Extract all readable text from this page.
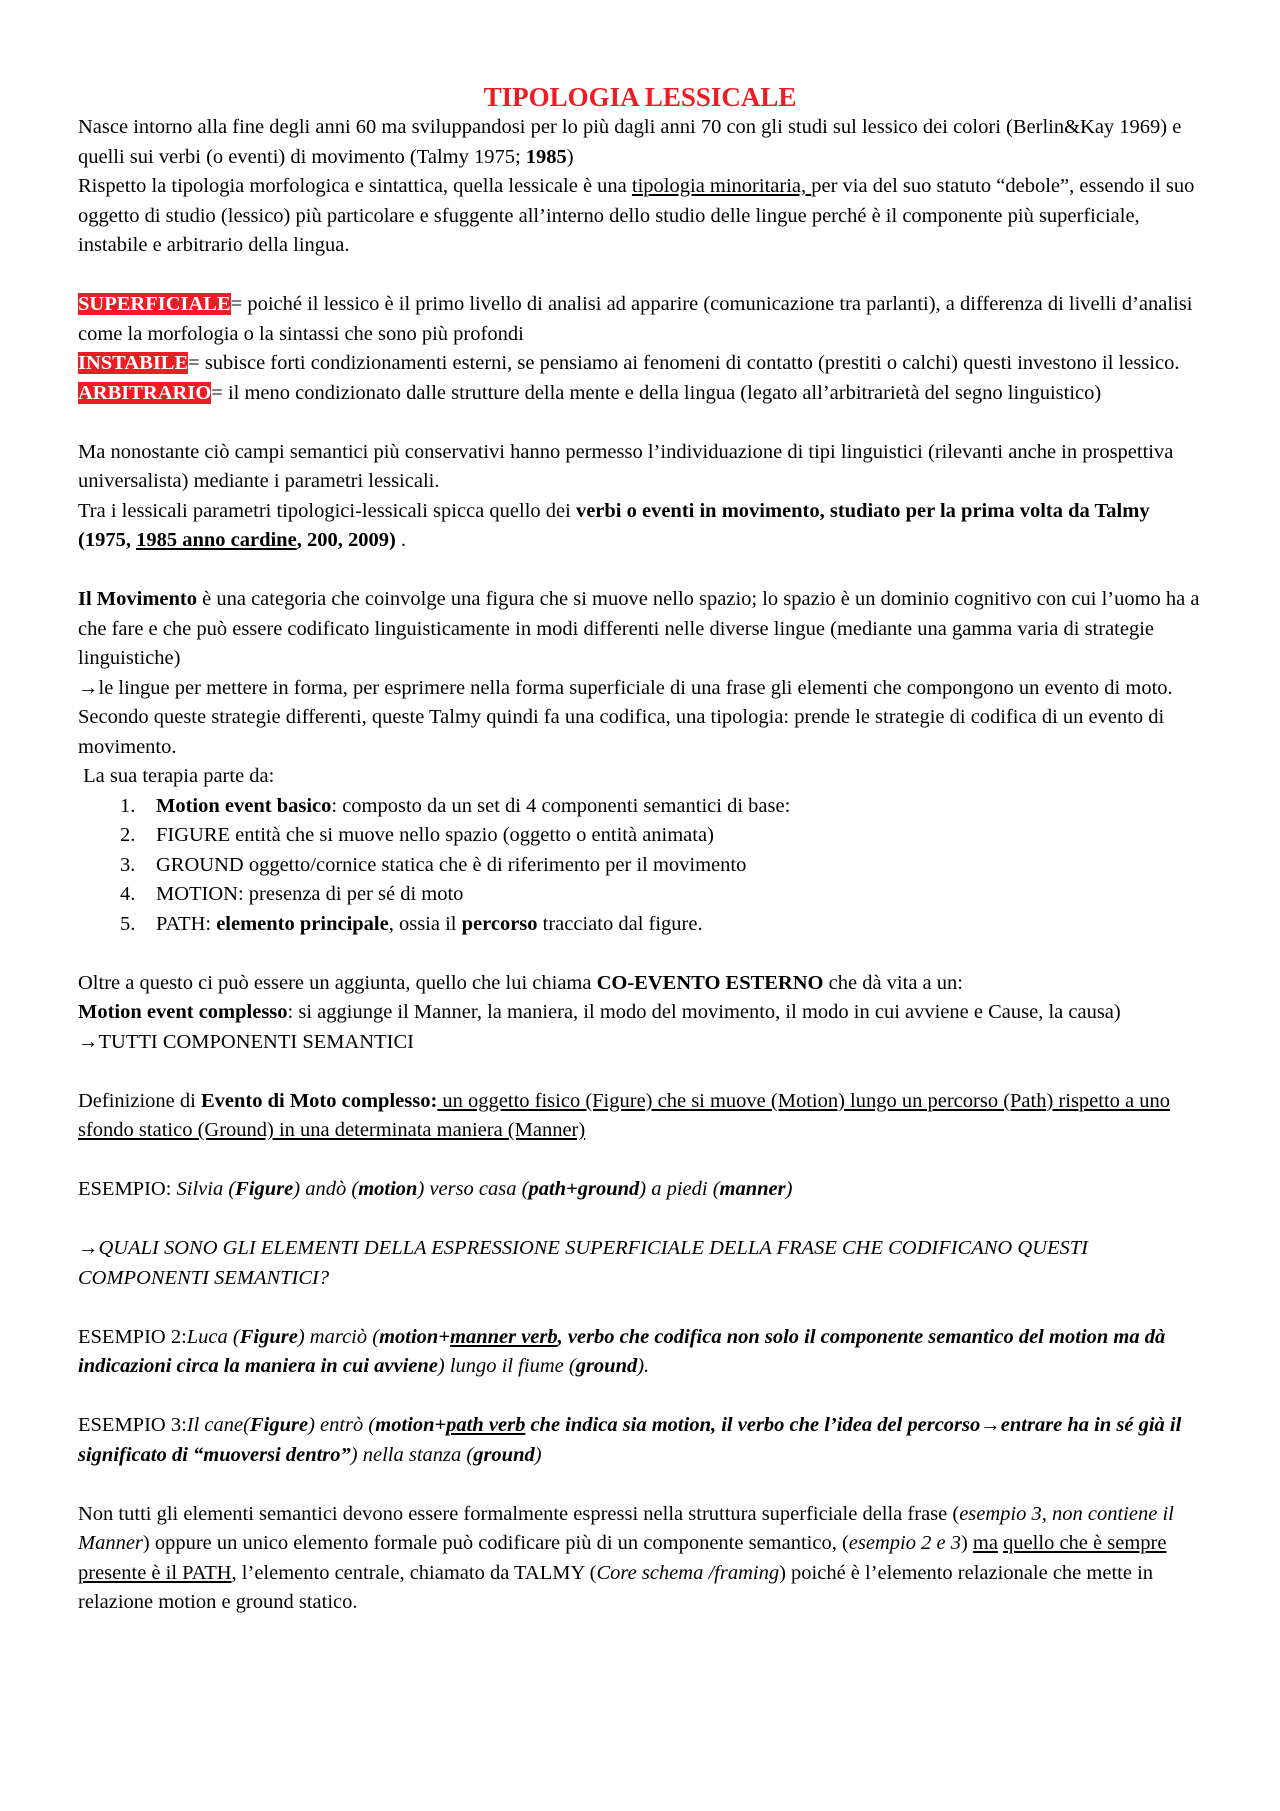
TIPOLOGIA LESSICALE

Nasce intorno alla fine degli anni 60 ma sviluppandosi per lo più dagli anni 70 con gli studi sul lessico dei colori (Berlin&Kay 1969) e quelli sui verbi (o eventi) di movimento (Talmy 1975; 1985)

Rispetto la tipologia morfologica e sintattica, quella lessicale è una tipologia minoritaria, per via del suo statuto “debole”, essendo il suo oggetto di studio (lessico) più particolare e sfuggente all’interno dello studio delle lingue perché è il componente più superficiale, instabile e arbitrario della lingua.

SUPERFICIALE= poiché il lessico è il primo livello di analisi ad apparire (comunicazione tra parlanti), a differenza di livelli d’analisi come la morfologia o la sintassi che sono più profondi

INSTABILE= subisce forti condizionamenti esterni, se pensiamo ai fenomeni di contatto (prestiti o calchi) questi investono il lessico.

ARBITRARIO= il meno condizionato dalle strutture della mente e della lingua (legato all’arbitrarietà del segno linguistico)

Ma nonostante ciò campi semantici più conservativi hanno permesso l’individuazione di tipi linguistici (rilevanti anche in prospettiva universalista) mediante i parametri lessicali.

Tra i lessicali parametri tipologici-lessicali spicca quello dei verbi o eventi in movimento, studiato per la prima volta da Talmy (1975, 1985 anno cardine, 200, 2009) .

Il Movimento è una categoria che coinvolge una figura che si muove nello spazio; lo spazio è un dominio cognitivo con cui l’uomo ha a che fare e che può essere codificato linguisticamente in modi differenti nelle diverse lingue (mediante una gamma varia di strategie linguistiche)

→le lingue per mettere in forma, per esprimere nella forma superficiale di una frase gli elementi che compongono un evento di moto.

Secondo queste strategie differenti, queste Talmy quindi fa una codifica, una tipologia: prende le strategie di codifica di un evento di movimento.

La sua terapia parte da:

1. Motion event basico: composto da un set di 4 componenti semantici di base:
2. FIGURE entità che si muove nello spazio (oggetto o entità animata)
3. GROUND oggetto/cornice statica che è di riferimento per il movimento
4. MOTION: presenza di per sé di moto
5. PATH: elemento principale, ossia il percorso tracciato dal figure.

Oltre a questo ci può essere un aggiunta, quello che lui chiama CO-EVENTO ESTERNO che dà vita a un:

Motion event complesso: si aggiunge il Manner, la maniera, il modo del movimento, il modo in cui avviene e Cause, la causa) →TUTTI COMPONENTI SEMANTICI

Definizione di Evento di Moto complesso: un oggetto fisico (Figure) che si muove (Motion) lungo un percorso (Path) rispetto a uno sfondo statico (Ground) in una determinata maniera (Manner)

ESEMPIO: Silvia (Figure) andò (motion) verso casa (path+ground) a piedi (manner)

→QUALI SONO GLI ELEMENTI DELLA ESPRESSIONE SUPERFICIALE DELLA FRASE CHE CODIFICANO QUESTI COMPONENTI SEMANTICI?

ESEMPIO 2:Luca (Figure) marciò (motion+manner verb, verbo che codifica non solo il componente semantico del motion ma dà indicazioni circa la maniera in cui avviene) lungo il fiume (ground).

ESEMPIO 3:Il cane(Figure) entrò (motion+path verb che indica sia motion, il verbo che l’idea del percorso→entrare ha in sé già il significato di “muoversi dentro”) nella stanza (ground)

Non tutti gli elementi semantici devono essere formalmente espressi nella struttura superficiale della frase (esempio 3, non contiene il Manner) oppure un unico elemento formale può codificare più di un componente semantico, (esempio 2 e 3) ma quello che è sempre presente è il PATH, l’elemento centrale, chiamato da TALMY (Core schema /framing) poiché è l’elemento relazionale che mette in relazione motion e ground statico.
